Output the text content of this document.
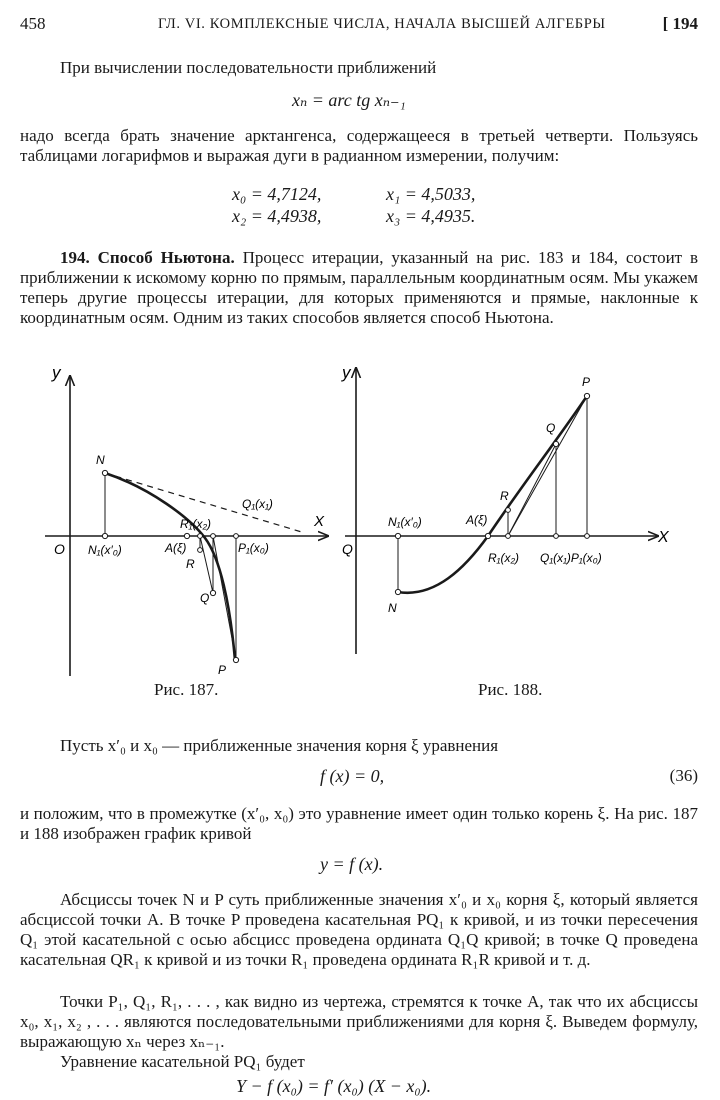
458	ГЛ. VI. КОМПЛЕКСНЫЕ ЧИСЛА, НАЧАЛА ВЫСШЕЙ АЛГЕБРЫ	[ 194

При вычислении последовательности приближений

xₙ = arc tg xₙ₋₁

надо всегда брать значение арктангенса, содержащееся в третьей четверти. Пользуясь таблицами логарифмов и выражая дуги в радианном измерении, получим:

x₀ = 4,7124,	x₁ = 4,5033,
x₂ = 4,4938,	x₃ = 4,4935.

194. Способ Ньютона. Процесс итерации, указанный на рис. 183 и 184, состоит в приближении к искомому корню по прямым, параллельным координатным осям. Мы укажем теперь другие процессы итерации, для которых применяются и прямые, наклонные к координатным осям. Одним из таких способов является способ Ньютона.

y
X
O
N
N₁(x′₀)	A(ξ)
R₁(x₂)
R
Q
Q₁(x₁)
P₁(x₀)
P
Рис. 187.
y
X
Q
N
N₁(x′₀)	A(ξ)
R
Q
P
R₁(x₂) Q₁(x₁)P₁(x₀)
Рис. 188.

Пусть x′₀ и x₀ — приближенные значения корня ξ уравнения

f (x) = 0,	(36)

и положим, что в промежутке (x′₀, x₀) это уравнение имеет один только корень ξ. На рис. 187 и 188 изображен график кривой

y = f (x).

Абсциссы точек N и P суть приближенные значения x′₀ и x₀ корня ξ, который является абсциссой точки A. В точке P проведена касательная PQ₁ к кривой, и из точки пересечения Q₁ этой касательной с осью абсцисс проведена ордината Q₁Q кривой; в точке Q проведена касательная QR₁ к кривой и из точки R₁ проведена ордината R₁R кривой и т. д.

Точки P₁, Q₁, R₁, . . . , как видно из чертежа, стремятся к точке A, так что их абсциссы x₀, x₁, x₂ , . . . являются последовательными приближениями для корня ξ. Выведем формулу, выражающую xₙ через xₙ₋₁.

Уравнение касательной PQ₁ будет

Y − f (x₀) = f′ (x₀) (X − x₀).
